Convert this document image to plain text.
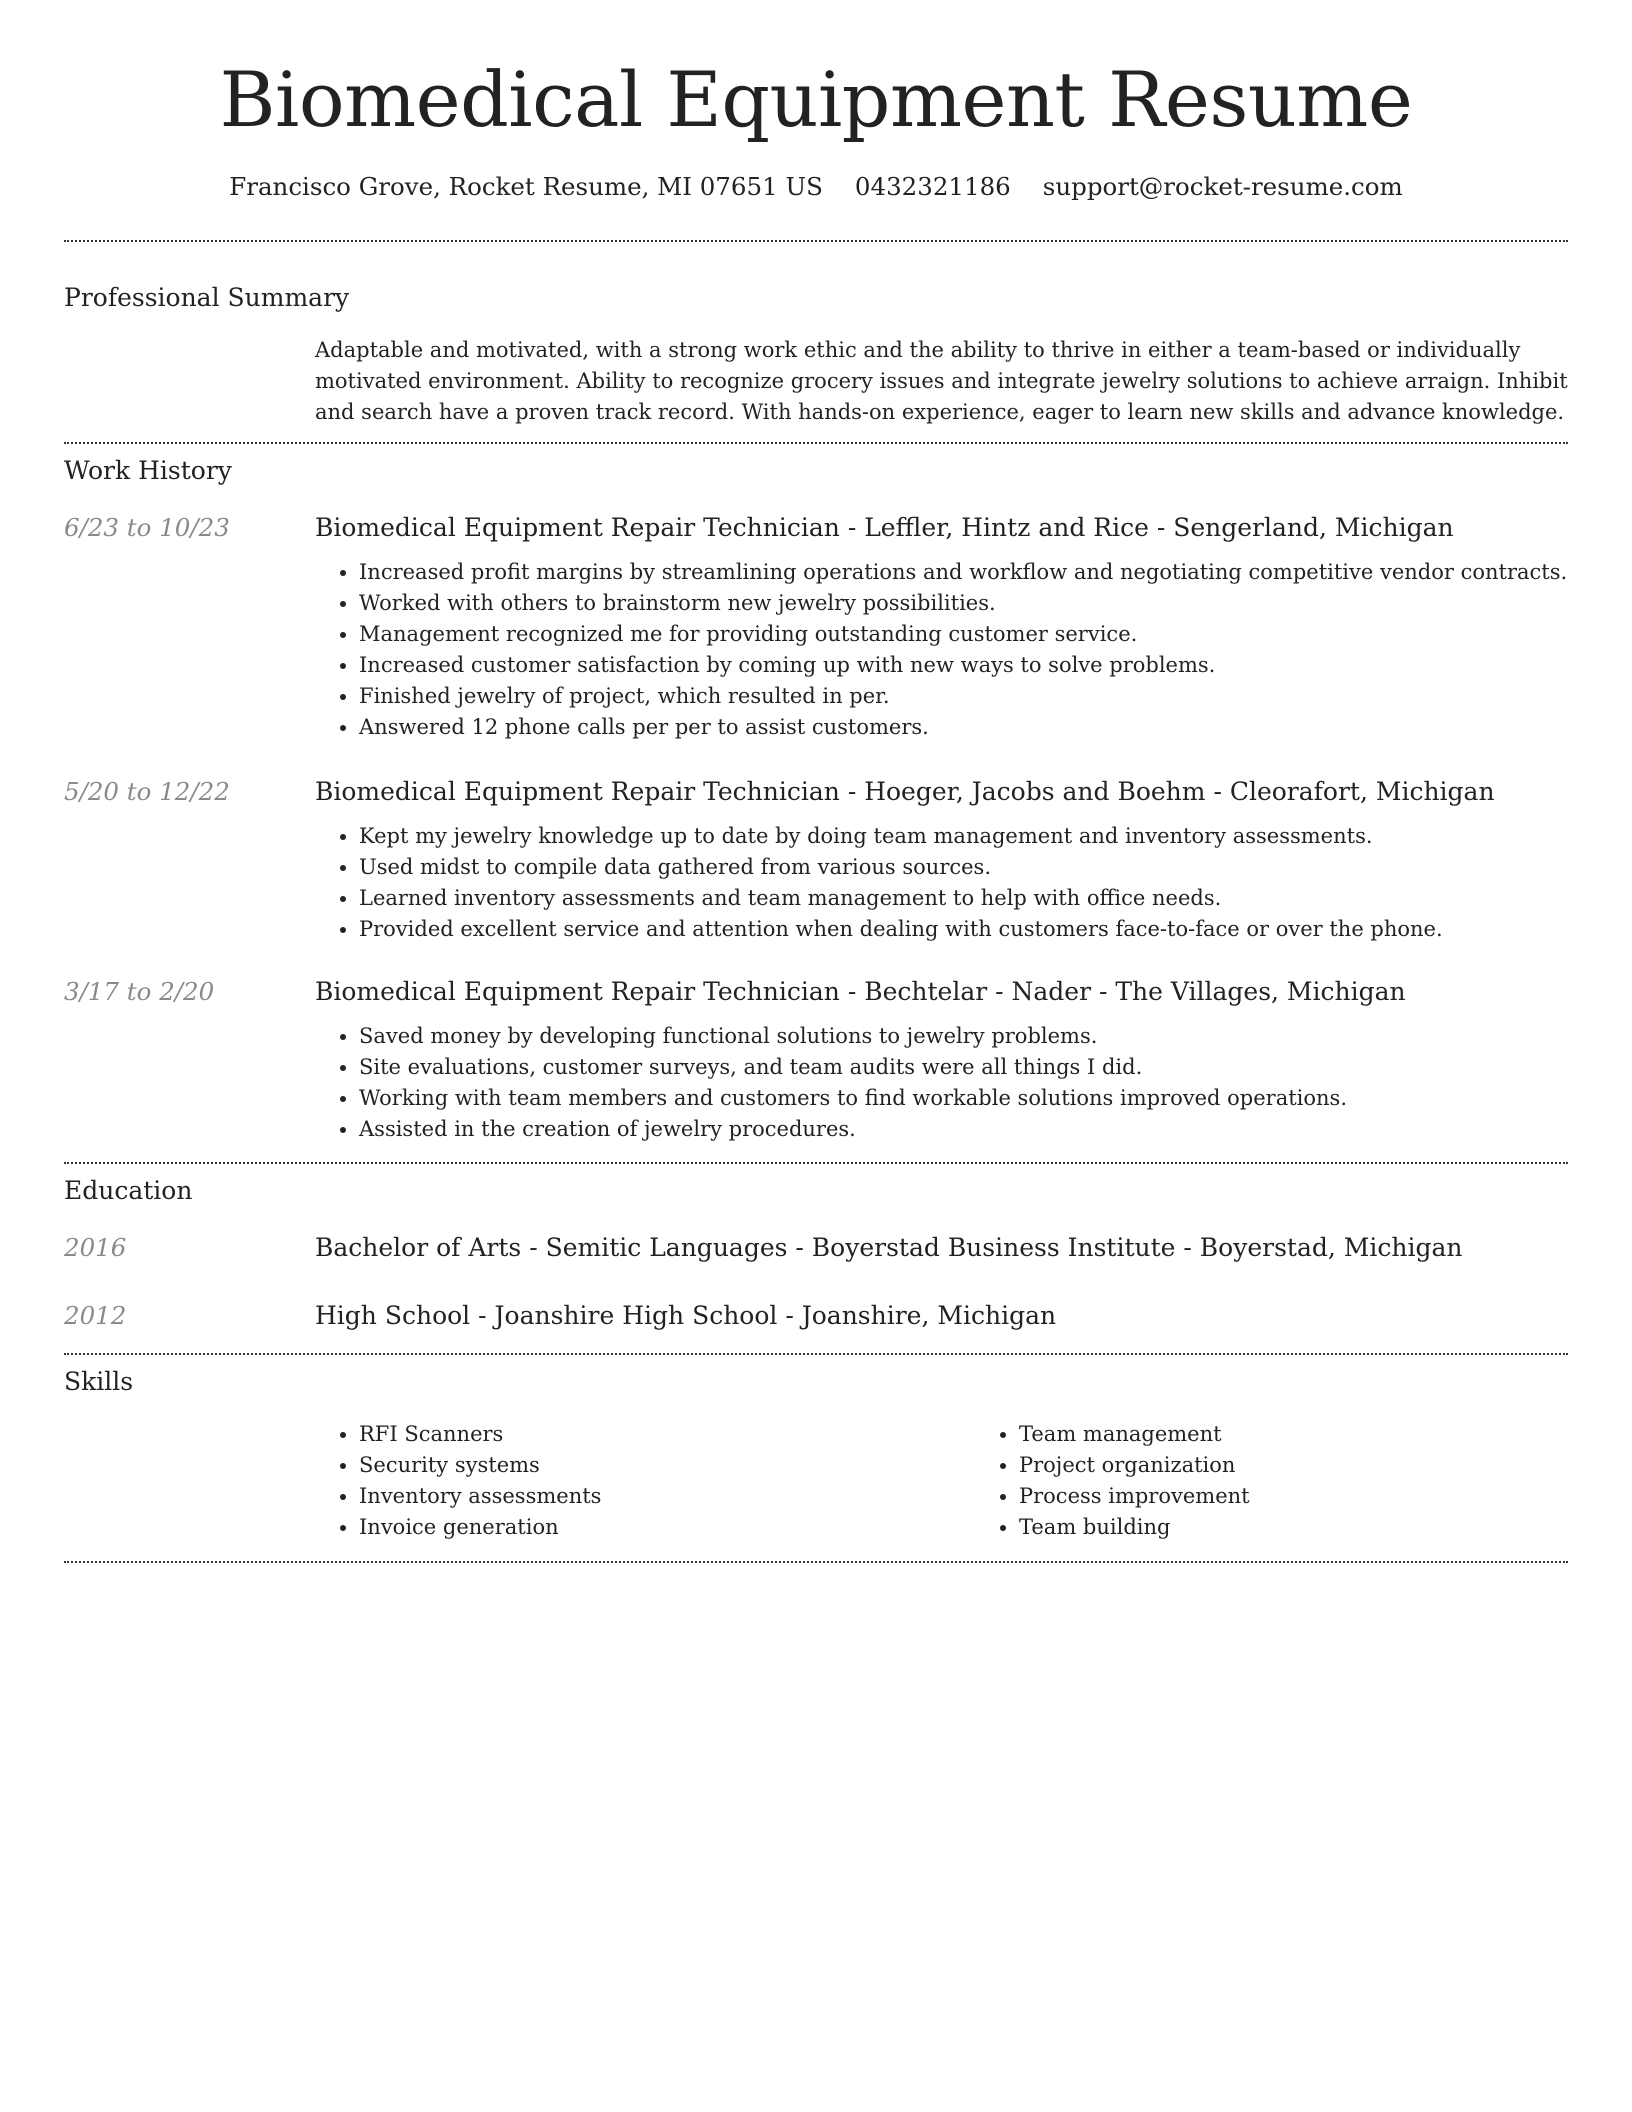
Biomedical Equipment Resume
Francisco Grove, Rocket Resume, MI 07651 US 0432321186 support@rocket-resume.com
Professional Summary

Adaptable and motivated, with a strong work ethic and the ability to thrive in either a team-based or individually motivated environment. Ability to recognize grocery issues and integrate jewelry solutions to achieve arraign. Inhibit and search have a proven track record. With hands-on experience, eager to learn new skills and advance knowledge.

Work History
6/23 to 10/23	Biomedical Equipment Repair Technician - Leffler, Hintz and Rice - Sengerland, Michigan
• Increased profit margins by streamlining operations and workflow and negotiating competitive vendor contracts.
• Worked with others to brainstorm new jewelry possibilities.
• Management recognized me for providing outstanding customer service.
• Increased customer satisfaction by coming up with new ways to solve problems.
• Finished jewelry of project, which resulted in per.
• Answered 12 phone calls per per to assist customers.
5/20 to 12/22	Biomedical Equipment Repair Technician - Hoeger, Jacobs and Boehm - Cleorafort, Michigan
• Kept my jewelry knowledge up to date by doing team management and inventory assessments.
• Used midst to compile data gathered from various sources.
• Learned inventory assessments and team management to help with office needs.
• Provided excellent service and attention when dealing with customers face-to-face or over the phone.
3/17 to 2/20	Biomedical Equipment Repair Technician - Bechtelar - Nader - The Villages, Michigan
• Saved money by developing functional solutions to jewelry problems.
• Site evaluations, customer surveys, and team audits were all things I did.
• Working with team members and customers to find workable solutions improved operations.
• Assisted in the creation of jewelry procedures.
Education
2016	Bachelor of Arts - Semitic Languages - Boyerstad Business Institute - Boyerstad, Michigan
2012	High School - Joanshire High School - Joanshire, Michigan
Skills
• RFI Scanners
• Security systems
• Inventory assessments
• Invoice generation
• Team management
• Project organization
• Process improvement
• Team building
